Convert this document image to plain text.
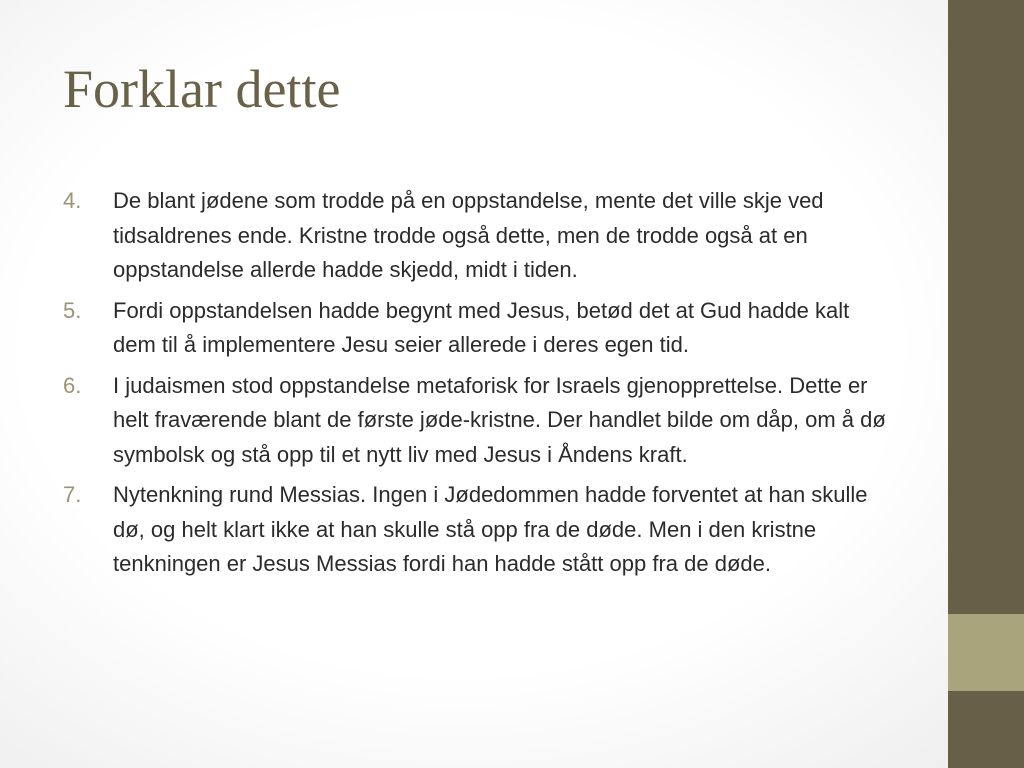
Forklar dette
4. De blant jødene som trodde på en oppstandelse, mente det ville skje ved tidsaldrenes ende. Kristne trodde også dette, men de trodde også at en oppstandelse allerde hadde skjedd, midt i tiden.
5. Fordi oppstandelsen hadde begynt med Jesus, betød det at Gud hadde kalt dem til å implementere Jesu seier allerede i deres egen tid.
6. I judaismen stod oppstandelse metaforisk for Israels gjenopprettelse. Dette er helt fraværende blant de første jøde-kristne. Der handlet bilde om dåp, om å dø symbolsk og stå opp til et nytt liv med Jesus i Åndens kraft.
7. Nytenkning rund Messias. Ingen i Jødedommen hadde forventet at han skulle dø, og helt klart ikke at han skulle stå opp fra de døde. Men i den kristne tenkningen er Jesus Messias fordi han hadde stått opp fra de døde.
